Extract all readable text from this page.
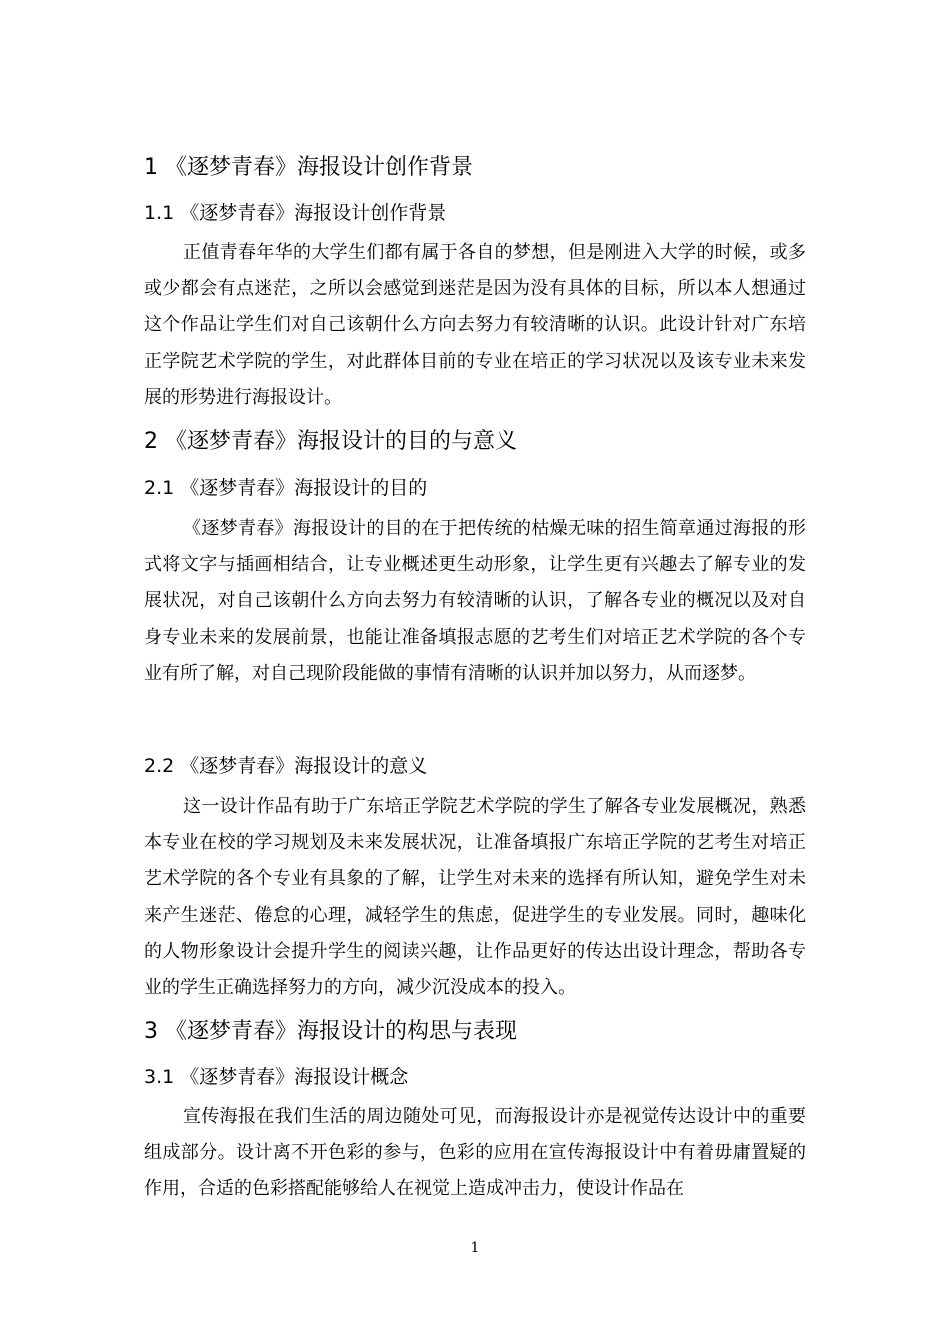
1 《逐梦青春》海报设计创作背景
1.1 《逐梦青春》海报设计创作背景

正值青春年华的大学生们都有属于各自的梦想，但是刚进入大学的时候，或多或少都会有点迷茫，之所以会感觉到迷茫是因为没有具体的目标，所以本人想通过这个作品让学生们对自己该朝什么方向去努力有较清晰的认识。此设计针对广东培正学院艺术学院的学生，对此群体目前的专业在培正的学习状况以及该专业未来发展的形势进行海报设计。

2 《逐梦青春》海报设计的目的与意义
2.1 《逐梦青春》海报设计的目的

《逐梦青春》海报设计的目的在于把传统的枯燥无味的招生简章通过海报的形式将文字与插画相结合，让专业概述更生动形象，让学生更有兴趣去了解专业的发展状况，对自己该朝什么方向去努力有较清晰的认识，了解各专业的概况以及对自身专业未来的发展前景，也能让准备填报志愿的艺考生们对培正艺术学院的各个专业有所了解，对自己现阶段能做的事情有清晰的认识并加以努力，从而逐梦。

2.2 《逐梦青春》海报设计的意义

这一设计作品有助于广东培正学院艺术学院的学生了解各专业发展概况，熟悉本专业在校的学习规划及未来发展状况，让准备填报广东培正学院的艺考生对培正艺术学院的各个专业有具象的了解，让学生对未来的选择有所认知，避免学生对未来产生迷茫、倦怠的心理，减轻学生的焦虑，促进学生的专业发展。同时，趣味化的人物形象设计会提升学生的阅读兴趣，让作品更好的传达出设计理念，帮助各专业的学生正确选择努力的方向，减少沉没成本的投入。

3 《逐梦青春》海报设计的构思与表现
3.1 《逐梦青春》海报设计概念

宣传海报在我们生活的周边随处可见，而海报设计亦是视觉传达设计中的重要组成部分。设计离不开色彩的参与，色彩的应用在宣传海报设计中有着毋庸置疑的作用，合适的色彩搭配能够给人在视觉上造成冲击力，使设计作品在

1
